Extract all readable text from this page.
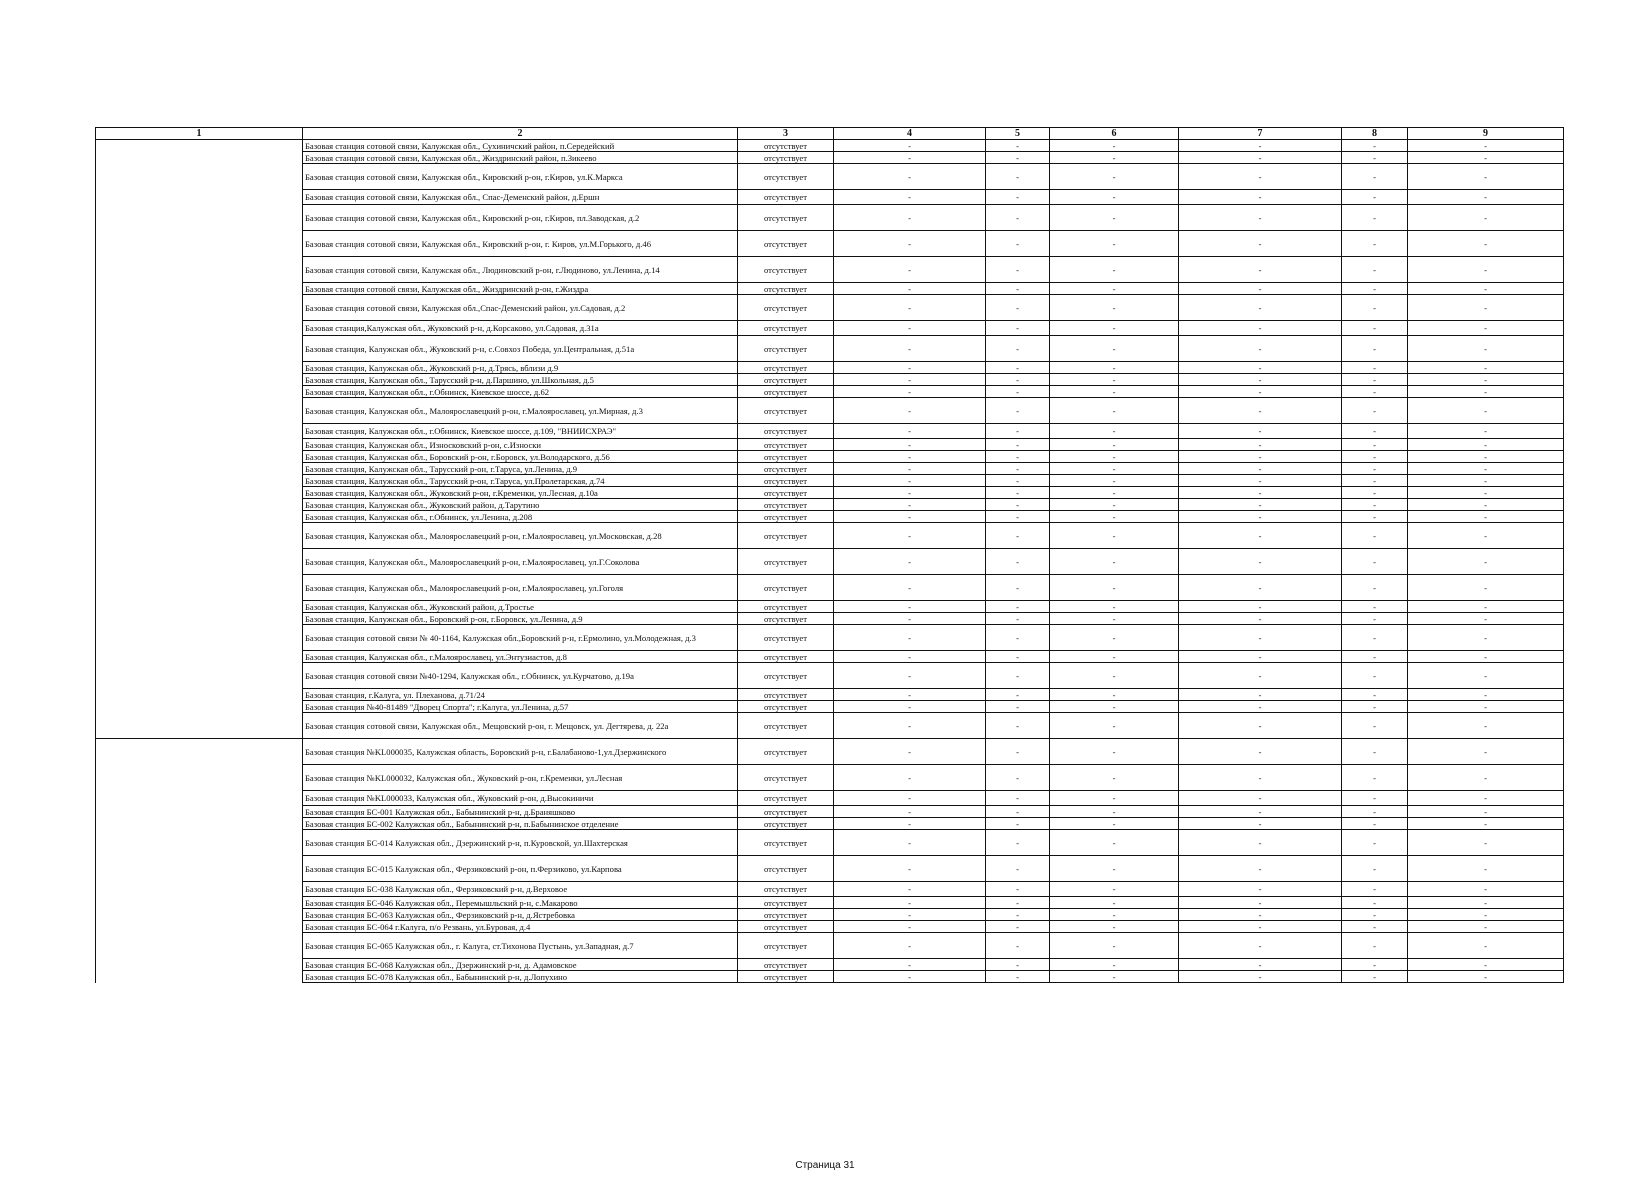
1	2	3	4	5	6	7	8	9
	Базовая станция сотовой связи, Калужская обл., Сухиничский район, п.Середейский	отсутствует	-	-	-	-	-	-
	Базовая станция сотовой связи, Калужская обл., Жиздринский район, п.Зикеево	отсутствует	-	-	-	-	-	-
	Базовая станция сотовой связи, Калужская обл., Кировский р-он, г.Киров, ул.К.Маркса	отсутствует	-	-	-	-	-	-
	Базовая станция сотовой связи, Калужская обл., Спас-Деменский район, д.Ершн	отсутствует	-	-	-	-	-	-
	Базовая станция сотовой связи, Калужская обл., Кировский р-он, г.Киров, пл.Заводская, д.2	отсутствует	-	-	-	-	-	-
	Базовая станция сотовой связи, Калужская обл., Кировский р-он, г. Киров, ул.М.Горького, д.46	отсутствует	-	-	-	-	-	-
	Базовая станция сотовой связи, Калужская обл., Людиновский р-он, г.Людиново, ул.Ленина, д.14	отсутствует	-	-	-	-	-	-
	Базовая станция сотовой связи, Калужская обл., Жиздринский р-он, г.Жиздра	отсутствует	-	-	-	-	-	-
	Базовая станция сотовой связи, Калужская обл.,Спас-Деменский район, ул.Садовая, д.2	отсутствует	-	-	-	-	-	-
	Базовая станция,Калужская обл., Жуковский р-н, д.Корсаково, ул.Садовая, д.31а	отсутствует	-	-	-	-	-	-
	Базовая станция, Калужская обл., Жуковский р-н, с.Совхоз Победа, ул.Центральная, д.51а	отсутствует	-	-	-	-	-	-
	Базовая станция, Калужская обл., Жуковский р-н, д.Трясь, вблизи д.9	отсутствует	-	-	-	-	-	-
	Базовая станция, Калужская обл., Тарусский р-н, д.Паршино, ул.Школьная, д.5	отсутствует	-	-	-	-	-	-
	Базовая станция, Калужская обл., г.Обнинск, Киевское шоссе, д.62	отсутствует	-	-	-	-	-	-
	Базовая станция, Калужская обл., Малоярославецкий р-он, г.Малоярославец, ул.Мирная, д.3	отсутствует	-	-	-	-	-	-
	Базовая станция, Калужская обл., г.Обнинск, Киевское шоссе, д.109, "ВНИИСХРАЭ"	отсутствует	-	-	-	-	-	-
	Базовая станция, Калужская обл., Износковский р-он, с.Износки	отсутствует	-	-	-	-	-	-
	Базовая станция, Калужская обл., Боровский р-он, г.Боровск, ул.Володарского, д.56	отсутствует	-	-	-	-	-	-
	Базовая станция, Калужская обл., Тарусский р-он, г.Таруса, ул.Ленина, д.9	отсутствует	-	-	-	-	-	-
	Базовая станция, Калужская обл., Тарусский р-он, г.Таруса, ул.Пролетарская, д.74	отсутствует	-	-	-	-	-	-
	Базовая станция, Калужская обл., Жуковский р-он, г.Кременки, ул.Лесная, д.10а	отсутствует	-	-	-	-	-	-
	Базовая станция, Калужская обл., Жуковский район, д.Тарутино	отсутствует	-	-	-	-	-	-
	Базовая станция, Калужская обл., г.Обнинск, ул.Ленина, д.208	отсутствует	-	-	-	-	-	-
	Базовая станция, Калужская обл., Малоярославецкий р-он, г.Малоярославец, ул.Московская, д.28	отсутствует	-	-	-	-	-	-
	Базовая станция, Калужская обл., Малоярославецкий р-он, г.Малоярославец, ул.Г.Соколова	отсутствует	-	-	-	-	-	-
	Базовая станция, Калужская обл., Малоярославецкий р-он, г.Малоярославец, ул.Гоголя	отсутствует	-	-	-	-	-	-
	Базовая станция, Калужская обл., Жуковский район, д.Тростье	отсутствует	-	-	-	-	-	-
	Базовая станция, Калужская обл., Боровский р-он, г.Боровск, ул.Ленина, д.9	отсутствует	-	-	-	-	-	-
	Базовая станция сотовой связи № 40-1164, Калужская обл.,Боровский р-н, г.Ермолино, ул.Молодежная, д.3	отсутствует	-	-	-	-	-	-
	Базовая станция, Калужская обл., г.Малоярославец, ул.Энтузиастов, д.8	отсутствует	-	-	-	-	-	-
	Базовая станция сотовой связи №40-1294, Калужская обл., г.Обнинск, ул.Курчатово, д.19а	отсутствует	-	-	-	-	-	-
	Базовая станция, г.Калуга, ул. Плеханова, д.71/24	отсутствует	-	-	-	-	-	-
	Базовая станция №40-81489 "Дворец Спорта"; г.Калуга, ул.Ленина, д.57	отсутствует	-	-	-	-	-	-
	Базовая станция сотовой связи, Калужская обл., Мещовский р-он, г. Мещовск, ул. Дегтярева, д. 22а	отсутствует	-	-	-	-	-	-
	Базовая станция №KL000035, Калужская область, Боровский р-н, г.Балабаново-1,ул.Дзержинского	отсутствует	-	-	-	-	-	-
	Базовая станция №KL000032, Калужская обл., Жуковский р-он, г.Кременки, ул.Лесная	отсутствует	-	-	-	-	-	-
	Базовая станция №KL000033, Калужская обл., Жуковский р-он, д.Высокиничи	отсутствует	-	-	-	-	-	-
	Базовая станция БС-001 Калужская обл., Бабынинский р-н, д.Браняшково	отсутствует	-	-	-	-	-	-
	Базовая станция БС-002 Калужская обл., Бабынинский р-н, п.Бабынинское отделение	отсутствует	-	-	-	-	-	-
	Базовая станция БС-014 Калужская обл., Дзержинский р-н, п.Куровской, ул.Шахтерская	отсутствует	-	-	-	-	-	-
	Базовая станция БС-015 Калужская обл., Ферзиковский р-он, п.Ферзиково, ул.Карпова	отсутствует	-	-	-	-	-	-
	Базовая станция БС-038 Калужская обл., Ферзиковский р-н, д.Верховое	отсутствует	-	-	-	-	-	-
	Базовая станция БС-046 Калужская обл., Перемышльский р-н, с.Макарово	отсутствует	-	-	-	-	-	-
	Базовая станция БС-063 Калужская обл., Ферзиковский р-н, д.Ястребовка	отсутствует	-	-	-	-	-	-
	Базовая станция БС-064 г.Калуга, п/о Резвань, ул.Буровая, д.4	отсутствует	-	-	-	-	-	-
	Базовая станция БС-065 Калужская обл., г. Калуга, ст.Тихонова Пустынь, ул.Западная, д.7	отсутствует	-	-	-	-	-	-
	Базовая станция БС-068 Калужская обл., Дзержинский р-н, д. Адамовское	отсутствует	-	-	-	-	-	-
	Базовая станция БС-078 Калужская обл., Бабынинский р-н, д.Лопухино	отсутствует	-	-	-	-	-	-
Страница 31
